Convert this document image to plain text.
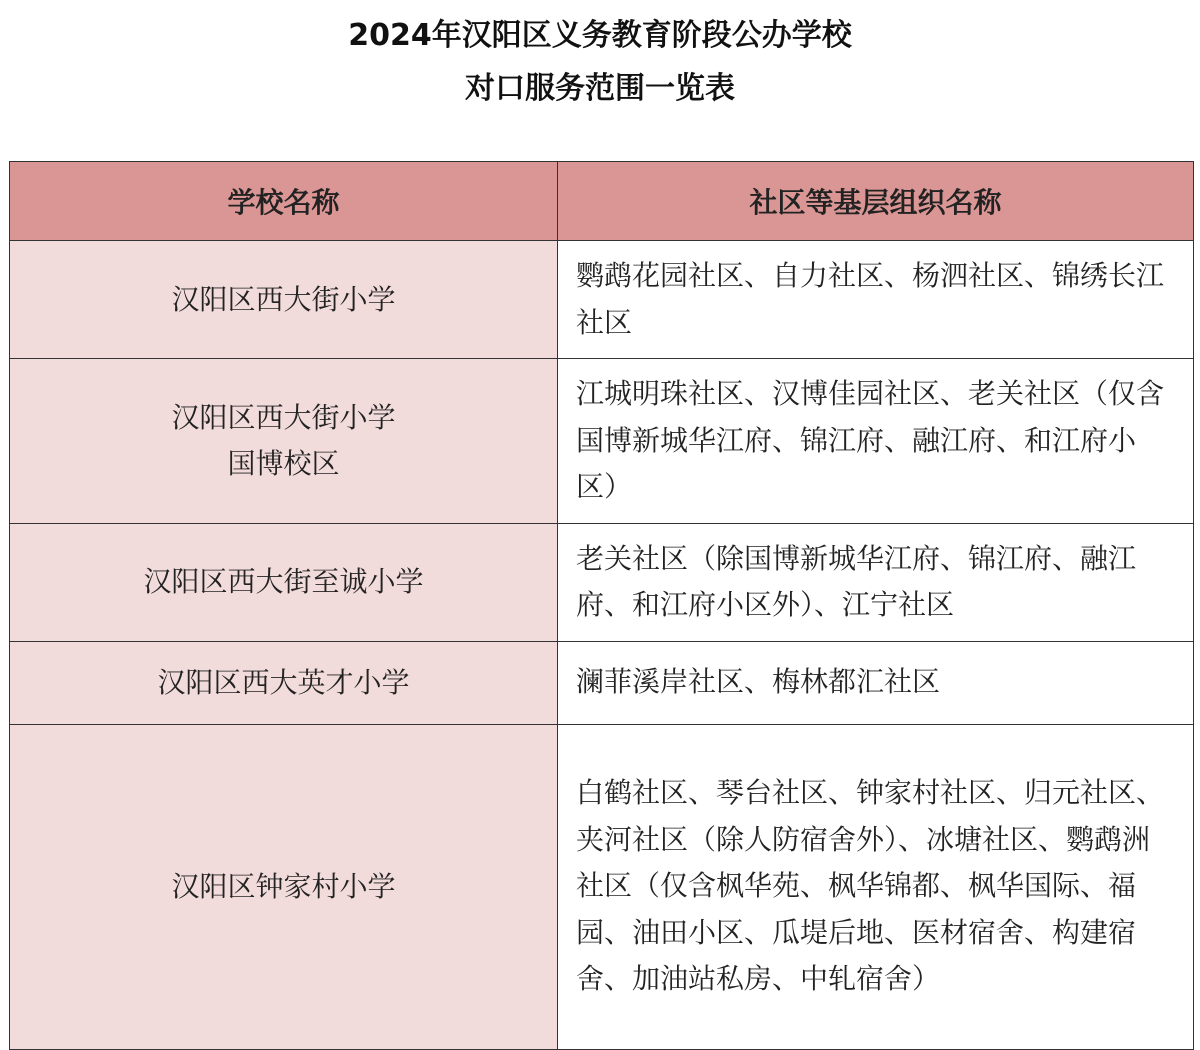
2024年汉阳区义务教育阶段公办学校
对口服务范围一览表
学校名称	社区等基层组织名称

汉阳区西大街小学	鹦鹉花园社区、自力社区、杨泗社区、锦绣长江社区

汉阳区西大街小学
国博校区	江城明珠社区、汉博佳园社区、老关社区（仅含国博新城华江府、锦江府、融江府、和江府小区）

汉阳区西大街至诚小学	老关社区（除国博新城华江府、锦江府、融江府、和江府小区外）、江宁社区

汉阳区西大英才小学	澜菲溪岸社区、梅林都汇社区

汉阳区钟家村小学	白鹤社区、琴台社区、钟家村社区、归元社区、夹河社区（除人防宿舍外）、冰塘社区、鹦鹉洲社区（仅含枫华苑、枫华锦都、枫华国际、福园、油田小区、瓜堤后地、医材宿舍、构建宿舍、加油站私房、中轧宿舍）
